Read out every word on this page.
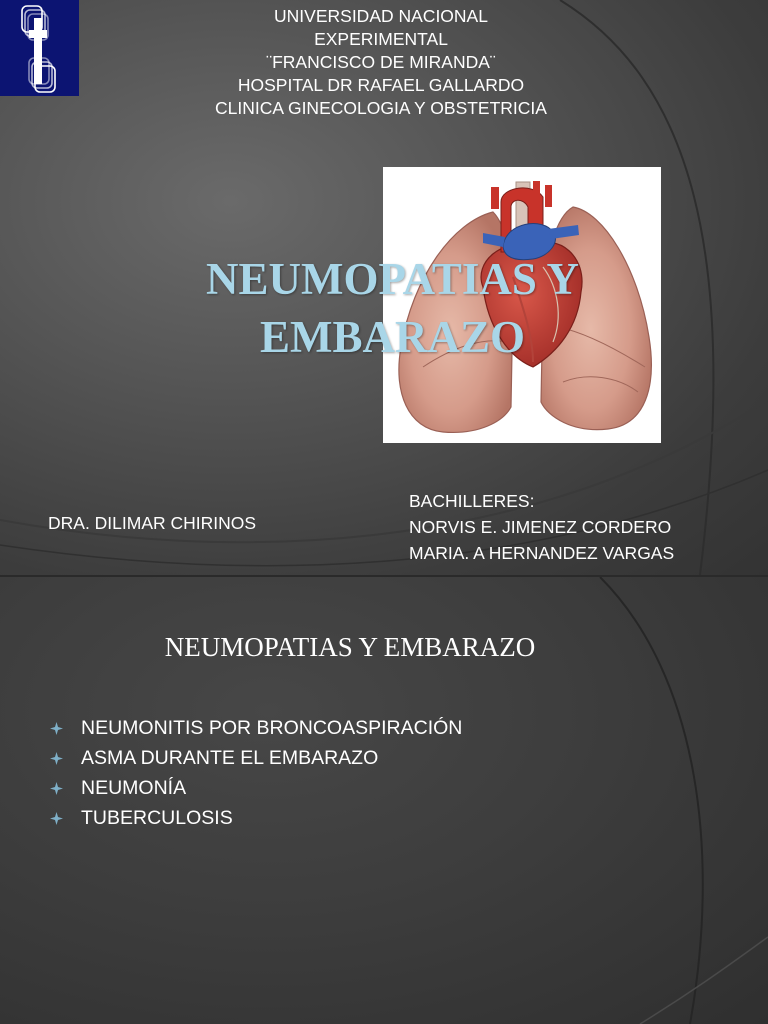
UNIVERSIDAD NACIONAL
EXPERIMENTAL
¨FRANCISCO DE MIRANDA¨
HOSPITAL DR RAFAEL GALLARDO
CLINICA GINECOLOGIA Y OBSTETRICIA
NEUMOPATIAS Y
EMBARAZO
DRA. DILIMAR CHIRINOS
BACHILLERES:
NORVIS E. JIMENEZ CORDERO
MARIA. A HERNANDEZ VARGAS
NEUMOPATIAS Y EMBARAZO
NEUMONITIS POR BRONCOASPIRACIÓN
ASMA DURANTE EL EMBARAZO
NEUMONÍA
TUBERCULOSIS
